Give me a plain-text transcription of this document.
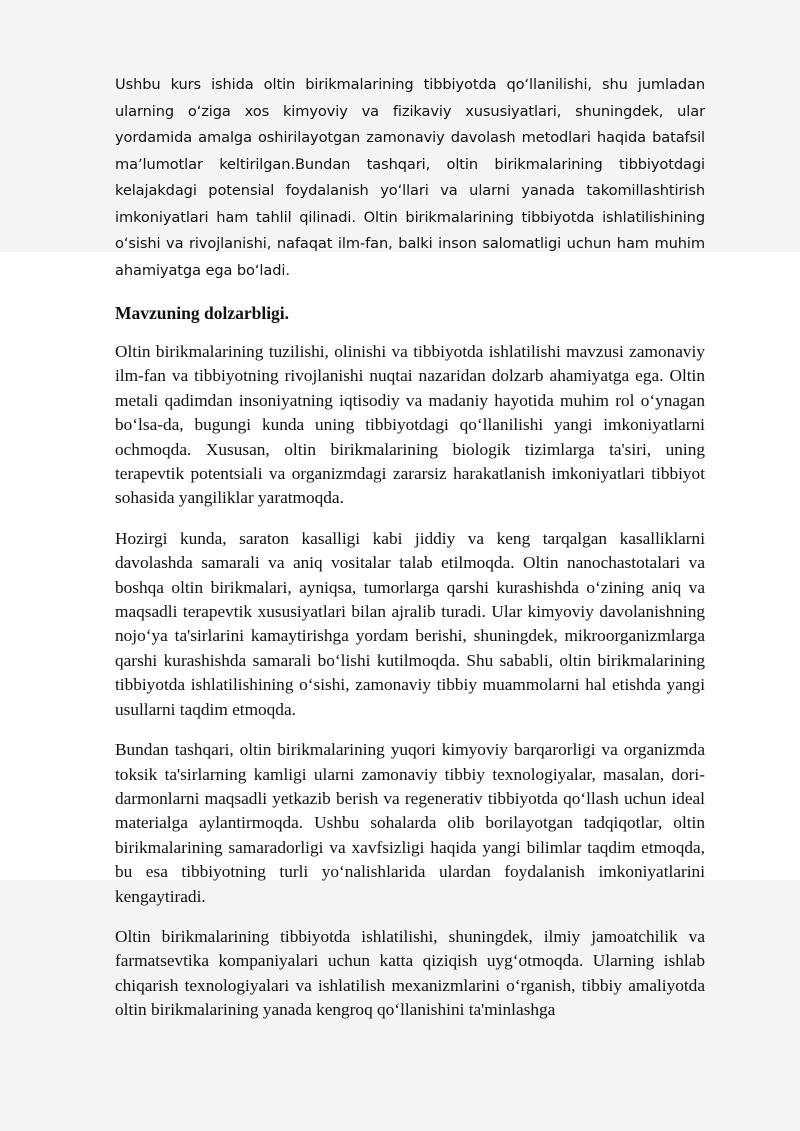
Ushbu kurs ishida oltin birikmalarining tibbiyotda qoʻllanilishi, shu jumladan ularning oʻziga xos kimyoviy va fizikaviy xususiyatlari, shuningdek, ular yordamida amalga oshirilayotgan zamonaviy davolash metodlari haqida batafsil maʼlumotlar keltirilgan.Bundan tashqari, oltin birikmalarining tibbiyotdagi kelajakdagi potensial foydalanish yoʻllari va ularni yanada takomillashtirish imkoniyatlari ham tahlil qilinadi. Oltin birikmalarining tibbiyotda ishlatilishining oʻsishi va rivojlanishi, nafaqat ilm-fan, balki inson salomatligi uchun ham muhim ahamiyatga ega boʻladi.

Mavzuning dolzarbligi.

Oltin birikmalarining tuzilishi, olinishi va tibbiyotda ishlatilishi mavzusi zamonaviy ilm-fan va tibbiyotning rivojlanishi nuqtai nazaridan dolzarb ahamiyatga ega. Oltin metali qadimdan insoniyatning iqtisodiy va madaniy hayotida muhim rol oʻynagan boʻlsa-da, bugungi kunda uning tibbiyotdagi qoʻllanilishi yangi imkoniyatlarni ochmoqda. Xususan, oltin birikmalarining biologik tizimlarga ta'siri, uning terapevtik potentsiali va organizmdagi zararsiz harakatlanish imkoniyatlari tibbiyot sohasida yangiliklar yaratmoqda.

Hozirgi kunda, saraton kasalligi kabi jiddiy va keng tarqalgan kasalliklarni davolashda samarali va aniq vositalar talab etilmoqda. Oltin nanochastotalari va boshqa oltin birikmalari, ayniqsa, tumorlarga qarshi kurashishda oʻzining aniq va maqsadli terapevtik xususiyatlari bilan ajralib turadi. Ular kimyoviy davolanishning nojoʻya ta'sirlarini kamaytirishga yordam berishi, shuningdek, mikroorganizmlarga qarshi kurashishda samarali boʻlishi kutilmoqda. Shu sababli, oltin birikmalarining tibbiyotda ishlatilishining oʻsishi, zamonaviy tibbiy muammolarni hal etishda yangi usullarni taqdim etmoqda.

Bundan tashqari, oltin birikmalarining yuqori kimyoviy barqarorligi va organizmda toksik ta'sirlarning kamligi ularni zamonaviy tibbiy texnologiyalar, masalan, dori-darmonlarni maqsadli yetkazib berish va regenerativ tibbiyotda qoʻllash uchun ideal materialga aylantirmoqda. Ushbu sohalarda olib borilayotgan tadqiqotlar, oltin birikmalarining samaradorligi va xavfsizligi haqida yangi bilimlar taqdim etmoqda, bu esa tibbiyotning turli yoʻnalishlarida ulardan foydalanish imkoniyatlarini kengaytiradi.

Oltin birikmalarining tibbiyotda ishlatilishi, shuningdek, ilmiy jamoatchilik va farmatsevtika kompaniyalari uchun katta qiziqish uygʻotmoqda. Ularning ishlab chiqarish texnologiyalari va ishlatilish mexanizmlarini oʻrganish, tibbiy amaliyotda oltin birikmalarining yanada kengroq qoʻllanishini ta'minlashga
